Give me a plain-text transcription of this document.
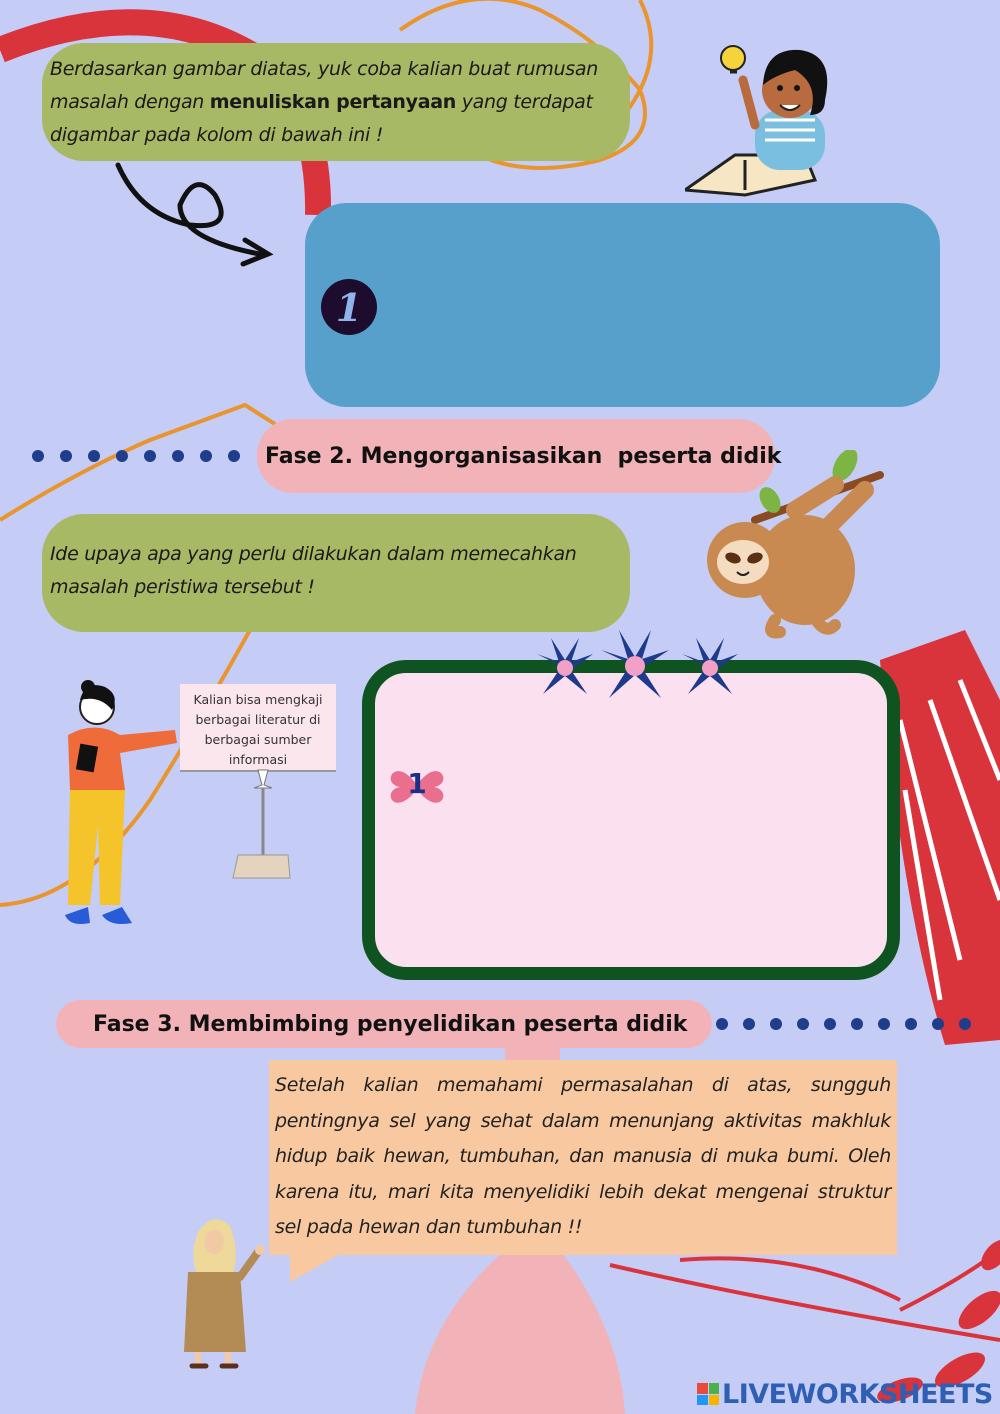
Berdasarkan gambar diatas, yuk coba kalian buat rumusan masalah dengan menuliskan pertanyaan yang terdapat digambar pada kolom di bawah ini !
1
Fase 2. Mengorganisasikan  peserta didik
Ide upaya apa yang perlu dilakukan dalam memecahkan masalah peristiwa tersebut !
Kalian bisa mengkaji berbagai literatur di berbagai sumber informasi
1
Fase 3. Membimbing penyelidikan peserta didik
Setelah kalian memahami permasalahan di atas, sungguh pentingnya sel yang sehat dalam menunjang aktivitas makhluk hidup baik hewan, tumbuhan, dan manusia di muka bumi. Oleh karena itu, mari kita menyelidiki lebih dekat mengenai struktur sel pada hewan dan tumbuhan !!
LIVEWORKSHEETS
